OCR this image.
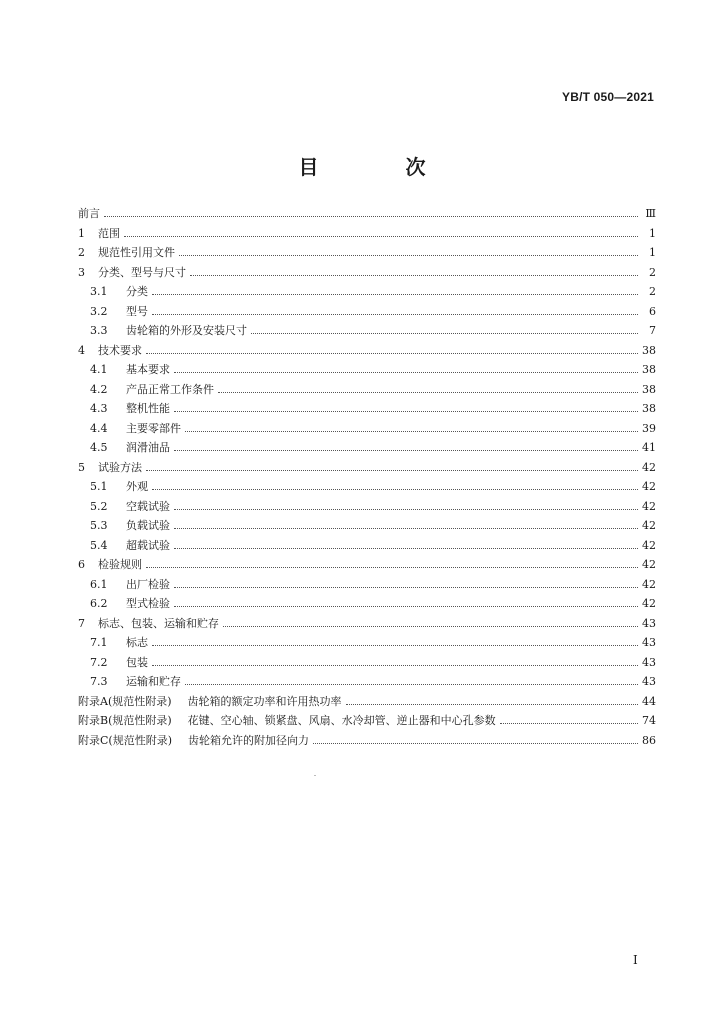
YB/T 050—2021
目 次
前言	Ⅲ
1	范围	1
2	规范性引用文件	1
3	分类、型号与尺寸	2
3.1	分类	2
3.2	型号	6
3.3	齿轮箱的外形及安装尺寸	7
4	技术要求	38
4.1	基本要求	38
4.2	产品正常工作条件	38
4.3	整机性能	38
4.4	主要零部件	39
4.5	润滑油品	41
5	试验方法	42
5.1	外观	42
5.2	空载试验	42
5.3	负载试验	42
5.4	超载试验	42
6	检验规则	42
6.1	出厂检验	42
6.2	型式检验	42
7	标志、包装、运输和贮存	43
7.1	标志	43
7.2	包装	43
7.3	运输和贮存	43
附录A(规范性附录) 齿轮箱的额定功率和许用热功率	44
附录B(规范性附录) 花键、空心轴、锁紧盘、风扇、水冷却管、逆止器和中心孔参数	74
附录C(规范性附录) 齿轮箱允许的附加径向力	86
Ⅰ
